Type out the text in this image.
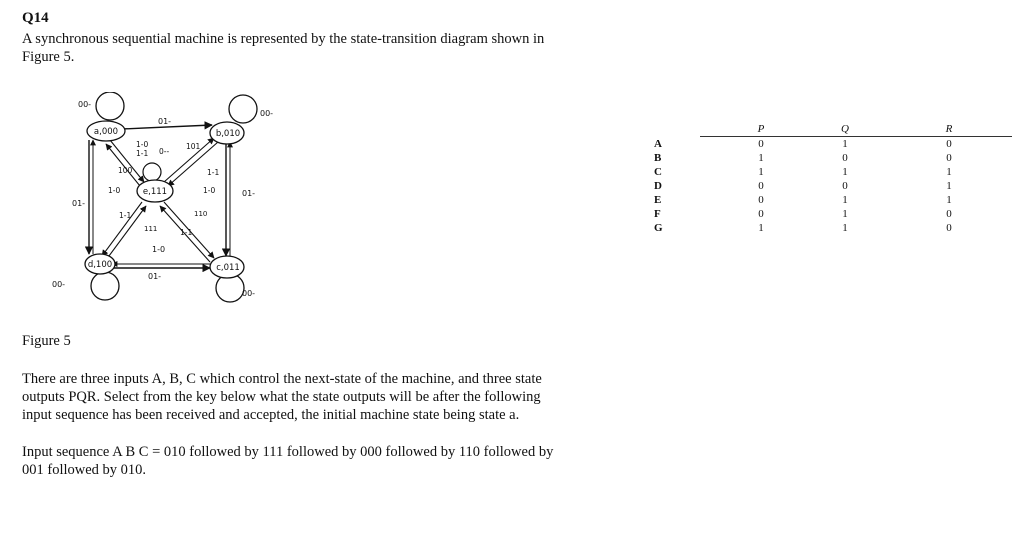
Q14
A synchronous sequential machine is represented by the state-transition diagram shown in
Figure 5.
a,000	b,010
c,011
d,100
e,111
00-
00-
00-
00-
01-
01-
01-
01-
1-0
1-1 0--
101
100	1-1
1-0	1-0
1-1
111
110
1-1
1-0
Figure 5
There are three inputs A, B, C which control the next-state of the machine, and three state
outputs PQR. Select from the key below what the state outputs will be after the following
input sequence has been received and accepted, the initial machine state being state a.
Input sequence A B C = 010 followed by 111 followed by 000 followed by 110 followed by
001 followed by 010.
P	Q	R
A	0	1	0
B	1	0	0
C	1	1	1
D	0	0	1
E	0	1	1
F	0	1	0
G	1	1	0
